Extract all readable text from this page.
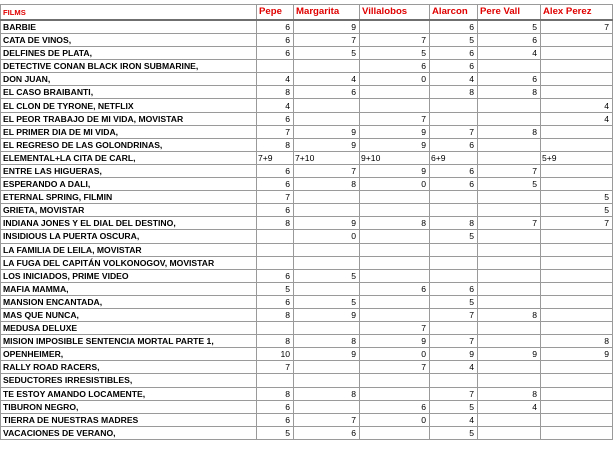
FILMS	Pepe	Margarita	Villalobos	Alarcon	Pere Vall	Alex Perez
BARBIE	6	9		6	5	7
CATA DE VINOS,	6	7	7	5	6	
DELFINES DE PLATA,	6	5	5	6	4	
DETECTIVE CONAN BLACK IRON SUBMARINE,			6	6		
DON JUAN,	4	4	0	4	6	
EL CASO BRAIBANTI,	8	6		8	8	
EL CLON DE TYRONE, NETFLIX	4					4
EL PEOR TRABAJO DE MI VIDA, MOVISTAR	6		7			4
EL PRIMER DIA DE MI VIDA,	7	9	9	7	8	
EL REGRESO DE LAS GOLONDRINAS,	8	9	9	6		
ELEMENTAL+LA CITA DE CARL,	7+9	7+10	9+10	6+9		5+9
ENTRE LAS HIGUERAS,	6	7	9	6	7	
ESPERANDO A DALI,	6	8	0	6	5	
ETERNAL SPRING, FILMIN	7					5
GRIETA, MOVISTAR	6					5
INDIANA JONES Y EL DIAL DEL DESTINO,	8	9	8	8	7	7
INSIDIOUS LA PUERTA OSCURA,		0		5		
LA FAMILIA DE LEILA, MOVISTAR						
LA FUGA DEL CAPITÁN VOLKONOGOV, MOVISTAR						
LOS INICIADOS, PRIME VIDEO	6	5				
MAFIA MAMMA,	5		6	6		
MANSION ENCANTADA,	6	5		5		
MAS QUE NUNCA,	8	9		7	8	
MEDUSA DELUXE			7			
MISION IMPOSIBLE SENTENCIA MORTAL PARTE 1,	8	8	9	7		8
OPENHEIMER,	10	9	0	9	9	9
RALLY ROAD RACERS,	7		7	4		
SEDUCTORES IRRESISTIBLES,						
TE ESTOY AMANDO LOCAMENTE,	8	8		7	8	
TIBURON NEGRO,	6		6	5	4	
TIERRA DE NUESTRAS MADRES	6	7	0	4		
VACACIONES DE VERANO,	5	6		5		
